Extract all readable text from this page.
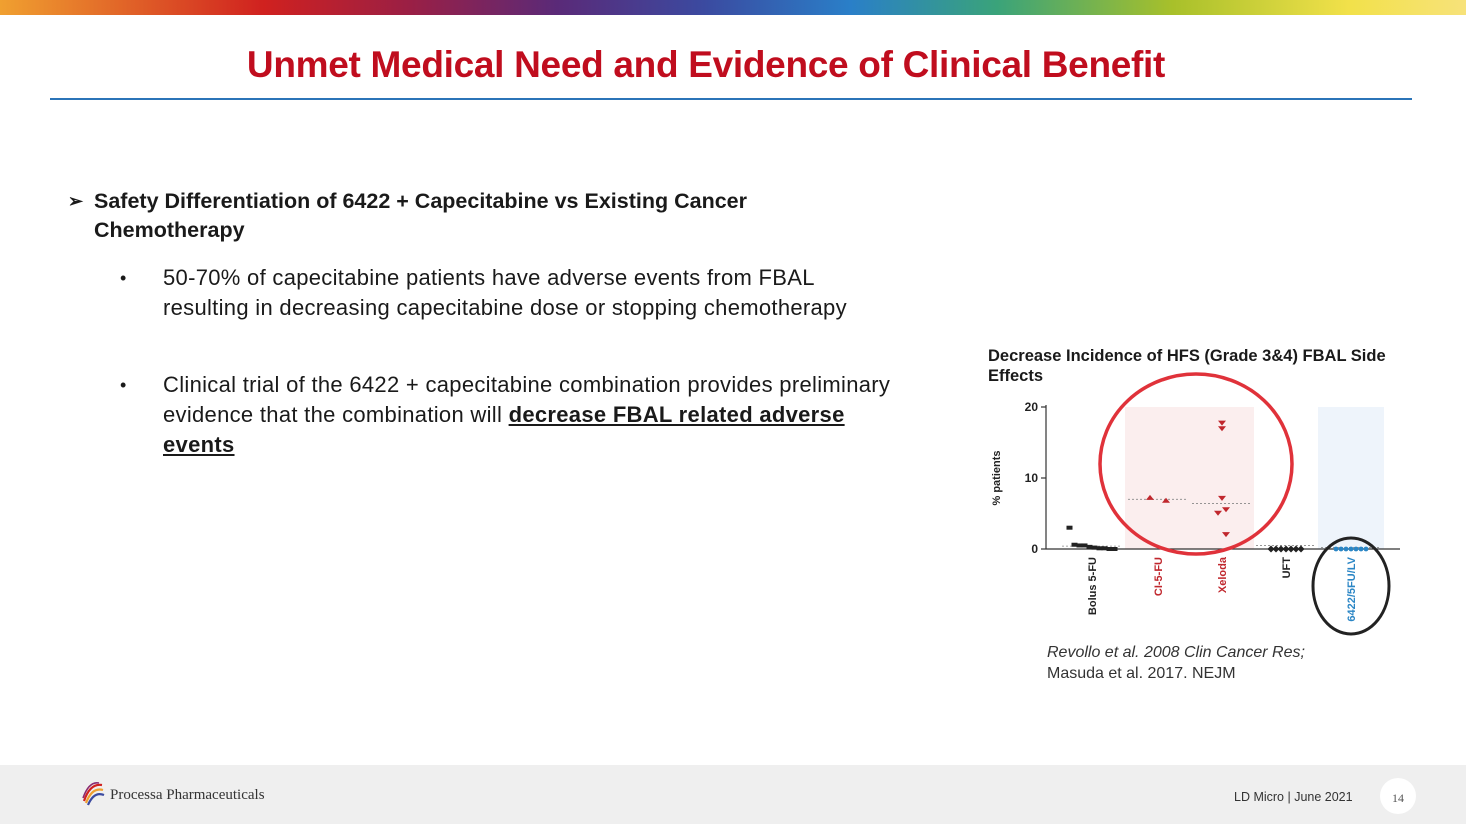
Unmet Medical Need and Evidence of Clinical Benefit
➢ Safety Differentiation of 6422 + Capecitabine vs Existing Cancer Chemotherapy
• 50-70% of capecitabine patients have adverse events from FBAL resulting in decreasing capecitabine dose or stopping chemotherapy
• Clinical trial of the 6422 + capecitabine combination provides preliminary evidence that the combination will decrease FBAL related adverse events
Decrease Incidence of HFS (Grade 3&4) FBAL Side Effects
0
10
20
% patients
Bolus 5-FU	CI-5-FU	Xeloda	UFT	6422/5FU/LV
Revollo et al. 2008 Clin Cancer Res;
Masuda et al. 2017. NEJM
Processa Pharmaceuticals	LD Micro | June 2021	14
